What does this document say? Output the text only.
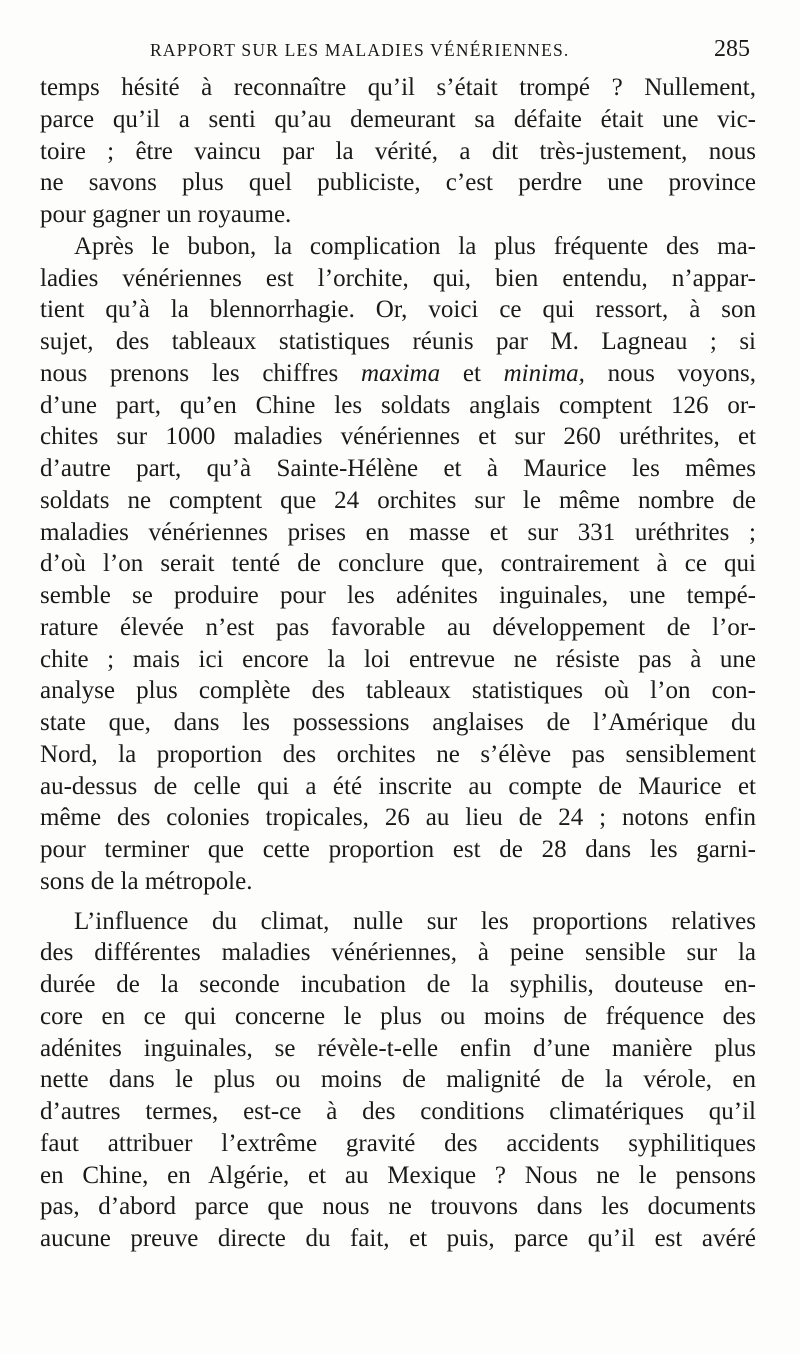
RAPPORT SUR LES MALADIES VÉNÉRIENNES.	285
temps hésité à reconnaître qu’il s’était trompé ? Nullement,
parce qu’il a senti qu’au demeurant sa défaite était une vic-
toire ; être vaincu par la vérité, a dit très-justement, nous
ne savons plus quel publiciste, c’est perdre une province
pour gagner un royaume.
Après le bubon, la complication la plus fréquente des ma-
ladies vénériennes est l’orchite, qui, bien entendu, n’appar-
tient qu’à la blennorrhagie. Or, voici ce qui ressort, à son
sujet, des tableaux statistiques réunis par M. Lagneau ; si
nous prenons les chiffres maxima et minima, nous voyons,
d’une part, qu’en Chine les soldats anglais comptent 126 or-
chites sur 1000 maladies vénériennes et sur 260 uréthrites, et
d’autre part, qu’à Sainte-Hélène et à Maurice les mêmes
soldats ne comptent que 24 orchites sur le même nombre de
maladies vénériennes prises en masse et sur 331 uréthrites ;
d’où l’on serait tenté de conclure que, contrairement à ce qui
semble se produire pour les adénites inguinales, une tempé-
rature élevée n’est pas favorable au développement de l’or-
chite ; mais ici encore la loi entrevue ne résiste pas à une
analyse plus complète des tableaux statistiques où l’on con-
state que, dans les possessions anglaises de l’Amérique du
Nord, la proportion des orchites ne s’élève pas sensiblement
au-dessus de celle qui a été inscrite au compte de Maurice et
même des colonies tropicales, 26 au lieu de 24 ; notons enfin
pour terminer que cette proportion est de 28 dans les garni-
sons de la métropole.
L’influence du climat, nulle sur les proportions relatives
des différentes maladies vénériennes, à peine sensible sur la
durée de la seconde incubation de la syphilis, douteuse en-
core en ce qui concerne le plus ou moins de fréquence des
adénites inguinales, se révèle-t-elle enfin d’une manière plus
nette dans le plus ou moins de malignité de la vérole, en
d’autres termes, est-ce à des conditions climatériques qu’il
faut attribuer l’extrême gravité des accidents syphilitiques
en Chine, en Algérie, et au Mexique ? Nous ne le pensons
pas, d’abord parce que nous ne trouvons dans les documents
aucune preuve directe du fait, et puis, parce qu’il est avéré
